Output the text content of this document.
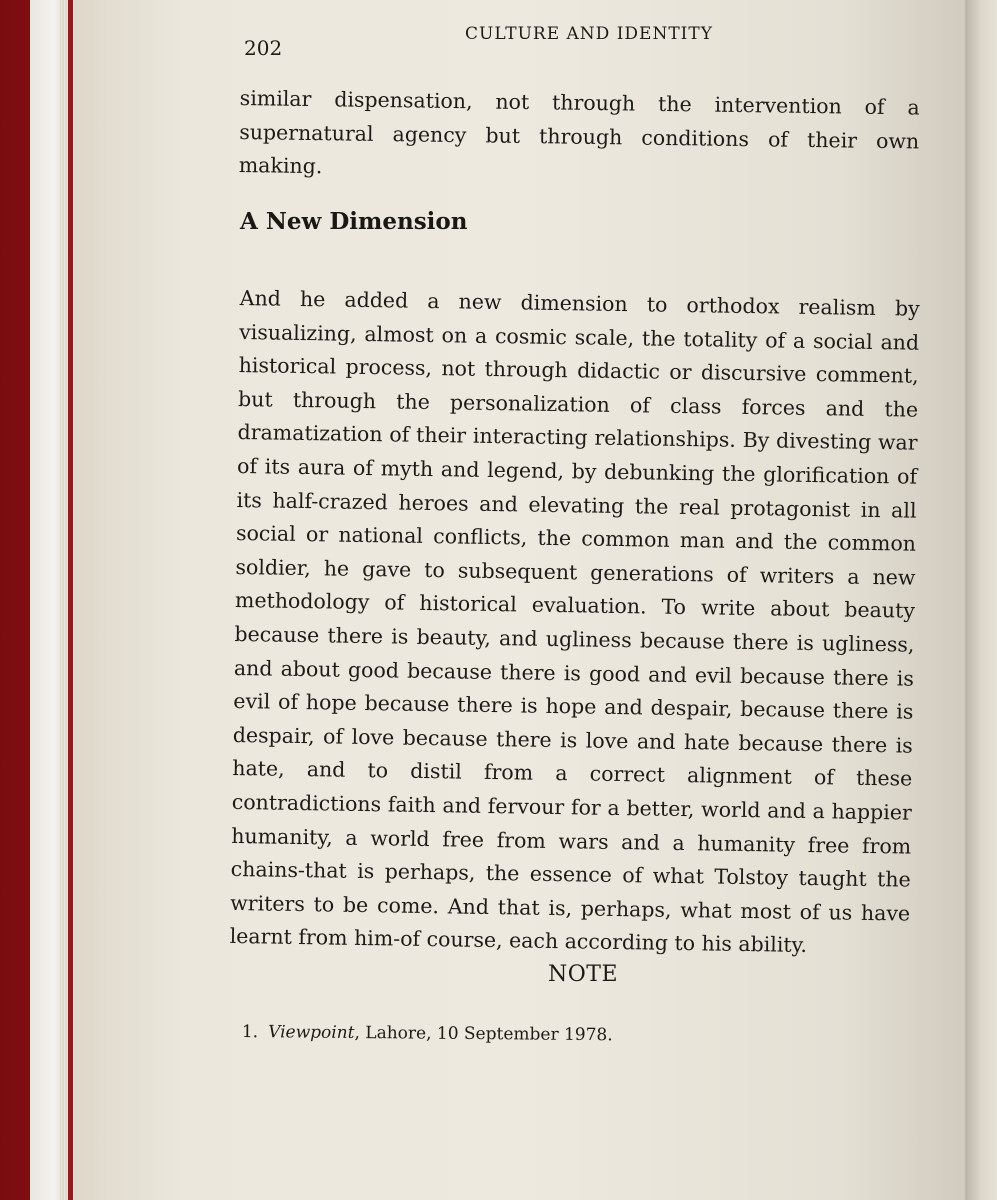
202
CULTURE AND IDENTITY
similar dispensation, not through the intervention of a supernatural agency but through conditions of their own making.
A New Dimension
And he added a new dimension to orthodox realism by visualizing, almost on a cosmic scale, the totality of a social and historical process, not through didactic or discursive comment, but through the personalization of class forces and the dramatization of their interacting relationships. By divesting war of its aura of myth and legend, by debunking the glorification of its half-crazed heroes and elevating the real protagonist in all social or national conflicts, the common man and the common soldier, he gave to subsequent generations of writers a new methodology of historical evaluation. To write about beauty because there is beauty, and ugliness because there is ugliness, and about good because there is good and evil because there is evil of hope because there is hope and despair, because there is despair, of love because there is love and hate because there is hate, and to distil from a correct alignment of these contradictions faith and fervour for a better, world and a happier humanity, a world free from wars and a humanity free from chains-that is perhaps, the essence of what Tolstoy taught the writers to be come. And that is, perhaps, what most of us have learnt from him-of course, each according to his ability.
NOTE
1. Viewpoint, Lahore, 10 September 1978.
